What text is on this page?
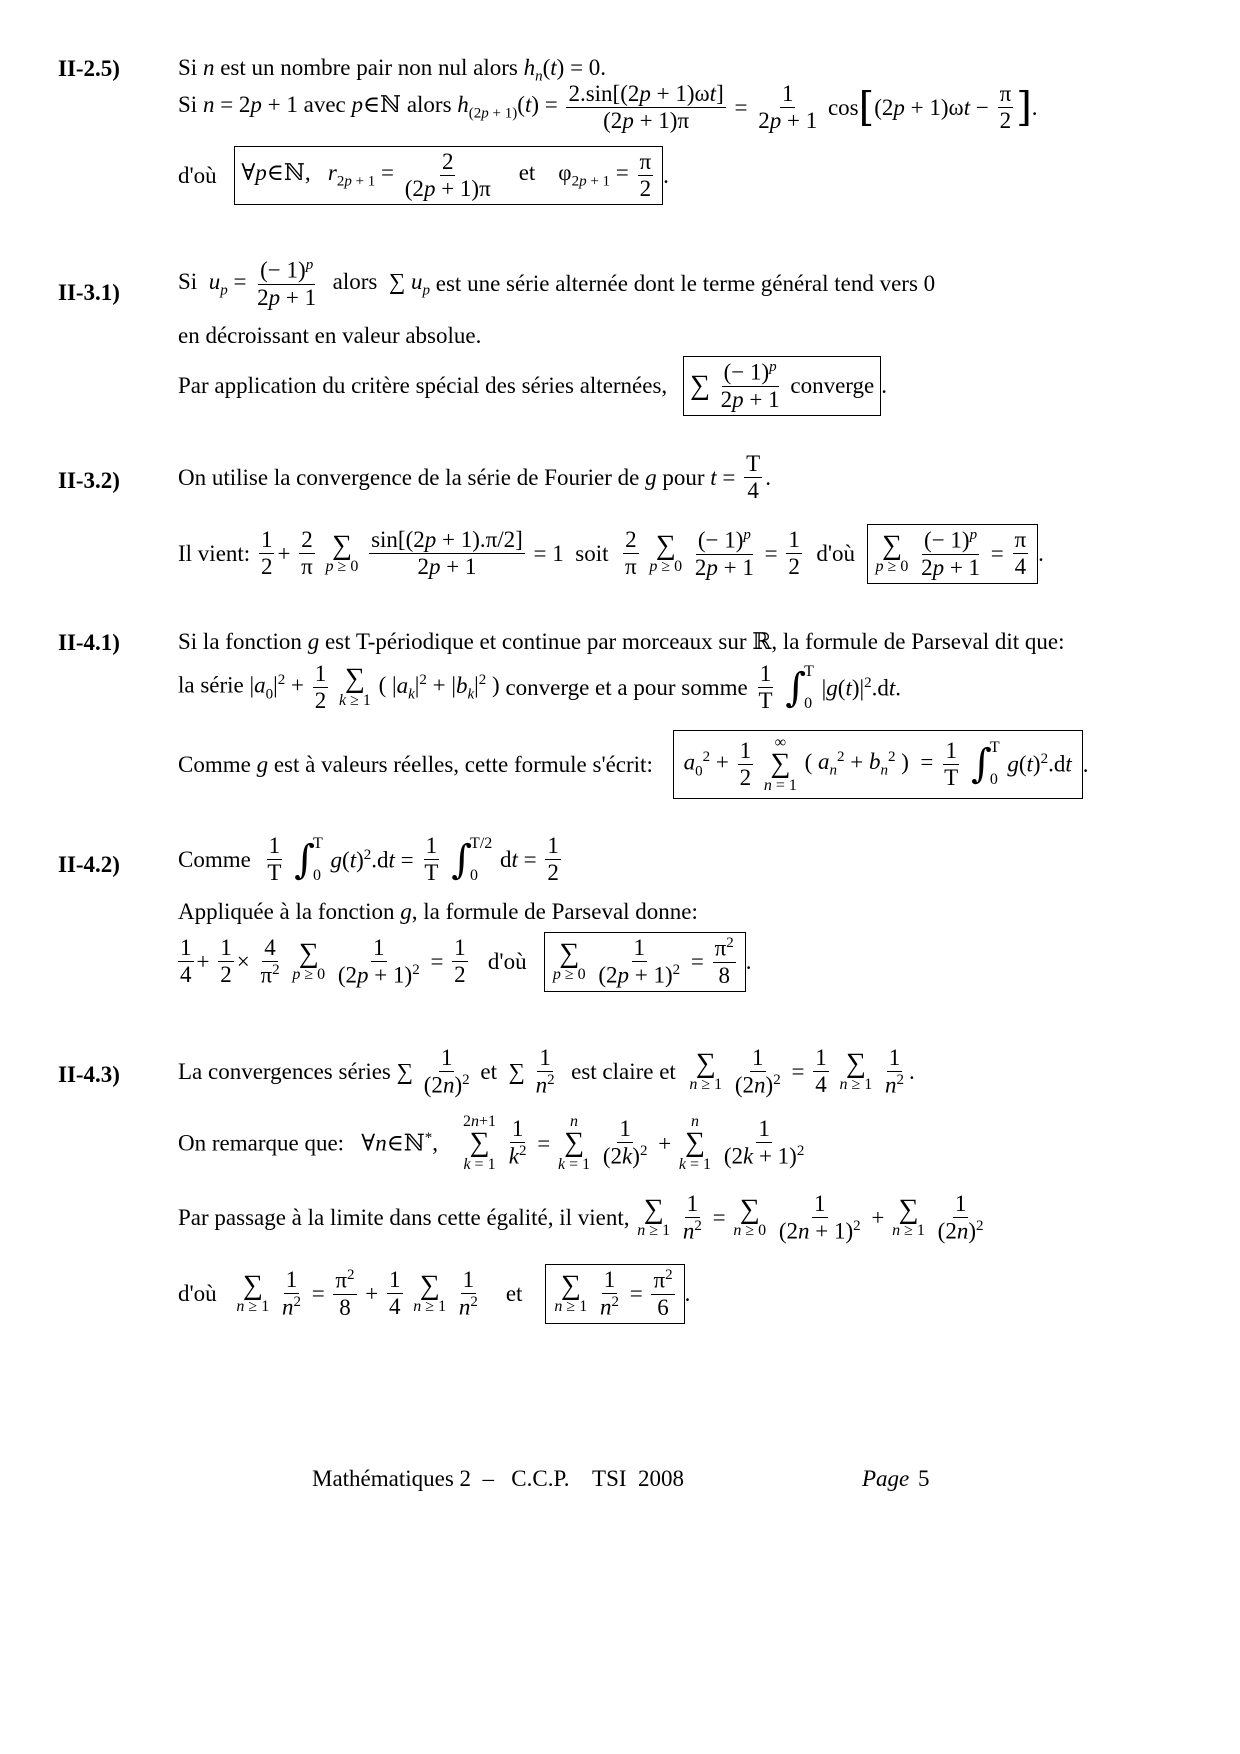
II-2.5)	Si n est un nombre pair non nul alors $h_n(t) = 0$.
Si n = 2p + 1 avec p∈ℕ alors $h_{(2p + 1)}(t) = \frac{2.\sin[(2p + 1)\omega t]}{(2p + 1)\pi} = \frac{1}{2p + 1} \cos[(2p + 1)\omega t - \frac{\pi}{2}$ ].
d'où ∀p∈ℕ,   $r_{2p + 1} = \frac{2}{(2p + 1)\pi}$ et    $\varphi_{2p + 1} = \frac{\pi}{2}$ .
II-3.1)	Si  $u_p = \frac{(- 1)^p}{2p + 1}$ alors  ∑ $u_p$ est une série alternée dont le terme général tend vers 0
en décroissant en valeur absolue.
Par application du critère spécial des séries alternées, ∑ $\frac{(- 1)^p}{2p + 1}$ converge .
II-3.2)	On utilise la convergence de la série de Fourier de g pour $t = \frac{T}{4}$ .
Il vient: $\frac{1}{2} + \frac{2}{\pi}$
∑
p ≥ 0
$\frac{\sin[(2p + 1).\pi/2]}{2p + 1} = 1$  soit $\frac{2}{\pi}$
∑
p ≥ 0
$\frac{(- 1)^p}{2p + 1} = \frac{1}{2}$ d'où ∑
p ≥ 0
$\frac{(- 1)^p}{2p + 1} = \frac{\pi}{4}$ .
II-4.1)	Si la fonction g est T-périodique et continue par morceaux sur ℝ, la formule de Parseval dit que:
la série $|a_0|^2 + \frac{1}{2}$
∑
k ≥ 1
( $|a_k|^2 + |b_k|^2$ ) converge et a pour somme $\frac{1}{T}$
∫
T
0
$|g(t)|^2.dt$.
Comme g est à valeurs réelles, cette formule s'écrit: $a_0^2 + \frac{1}{2}$
∞
∑
n = 1
( $a_n^2 + b_n^2$ )  = $\frac{1}{T}$
∫
T
0
$g(t)^2.dt$ .
II-4.2)	Comme $\frac{1}{T}$
∫
T
0
$g(t)^2.dt = \frac{1}{T}$
∫
T/2
0
dt = $\frac{1}{2}$
Appliquée à la fonction g, la formule de Parseval donne:
$\frac{1}{4} + \frac{1}{2} \times \frac{4}{\pi^2}$
∑
p ≥ 0
$\frac{1}{(2p + 1)^2} = \frac{1}{2}$ d'où ∑
p ≥ 0
$\frac{1}{(2p + 1)^2} = \frac{\pi^2}{8}$ .
II-4.3)	La convergences séries ∑ $\frac{1}{(2n)^2}$ et  ∑ $\frac{1}{n^2}$ est claire et ∑
n ≥ 1
$\frac{1}{(2n)^2} = \frac{1}{4}$
∑
n ≥ 1
$\frac{1}{n^2}$ .
On remarque que:   ∀n∈ℕ*,
2n+1
∑
k = 1
$\frac{1}{k^2}$ =
n
∑
k = 1
$\frac{1}{(2k)^2}$ +
n
∑
k = 1
$\frac{1}{(2k + 1)^2}$
Par passage à la limite dans cette égalité, il vient, ∑
n ≥ 1
$\frac{1}{n^2}$ = ∑
n ≥ 0
$\frac{1}{(2n + 1)^2}$ + ∑
n ≥ 1
$\frac{1}{(2n)^2}$
d'où ∑
n ≥ 1
$\frac{1}{n^2} = \frac{\pi^2}{8} + \frac{1}{4}$
∑
n ≥ 1
$\frac{1}{n^2}$ et ∑
n ≥ 1
$\frac{1}{n^2} = \frac{\pi^2}{6}$ .
Mathématiques 2  –   C.C.P.    TSI  2008	Page 5
